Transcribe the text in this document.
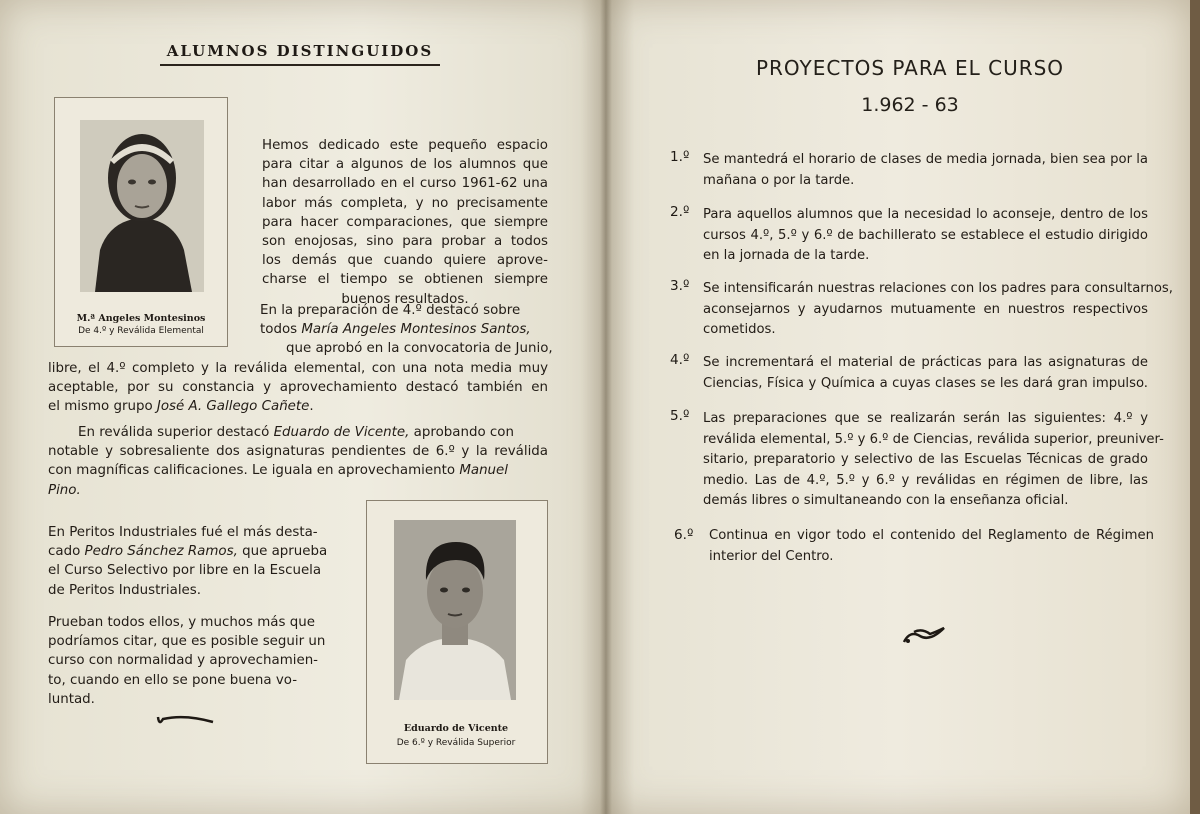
ALUMNOS DISTINGUIDOS
M.ª Angeles Montesinos
De 4.º y Reválida Elemental
Hemos dedicado este pequeño espacio
para citar a algunos de los alumnos que
han desarrollado en el curso 1961-62 una
labor más completa, y no precisamente
para hacer comparaciones, que siempre
son enojosas, sino para probar a todos
los demás que cuando quiere aprove-
charse el tiempo se obtienen siempre
buenos resultados.
En la preparación de 4.º destacó sobre
todos María Angeles Montesinos Santos,
que aprobó en la convocatoria de Junio,
libre, el 4.º completo y la reválida elemental, con una nota media muy
aceptable, por su constancia y aprovechamiento destacó también en
el mismo grupo José A. Gallego Cañete.
En reválida superior destacó Eduardo de Vicente, aprobando con
notable y sobresaliente dos asignaturas pendientes de 6.º y la reválida
con magníficas calificaciones. Le iguala en aprovechamiento Manuel
Pino.
En Peritos Industriales fué el más desta-
cado Pedro Sánchez Ramos, que aprueba
el Curso Selectivo por libre en la Escuela
de Peritos Industriales.
Prueban todos ellos, y muchos más que
podríamos citar, que es posible seguir un
curso con normalidad y aprovechamien-
to, cuando en ello se pone buena vo-
luntad.
Eduardo de Vicente
De 6.º y Reválida Superior
PROYECTOS PARA EL CURSO
1.962 - 63
1.º Se mantedrá el horario de clases de media jornada, bien sea por la
mañana o por la tarde.
2.º Para aquellos alumnos que la necesidad lo aconseje, dentro de los
cursos 4.º, 5.º y 6.º de bachillerato se establece el estudio dirigido
en la jornada de la tarde.
3.º Se intensificarán nuestras relaciones con los padres para consultarnos,
aconsejarnos y ayudarnos mutuamente en nuestros respectivos
cometidos.
4.º Se incrementará el material de prácticas para las asignaturas de
Ciencias, Física y Química a cuyas clases se les dará gran impulso.
5.º Las preparaciones que se realizarán serán las siguientes: 4.º y
reválida elemental, 5.º y 6.º de Ciencias, reválida superior, preuniver-
sitario, preparatorio y selectivo de las Escuelas Técnicas de grado
medio. Las de 4.º, 5.º y 6.º y reválidas en régimen de libre, las
demás libres o simultaneando con la enseñanza oficial.
6.º Continua en vigor todo el contenido del Reglamento de Régimen
interior del Centro.
